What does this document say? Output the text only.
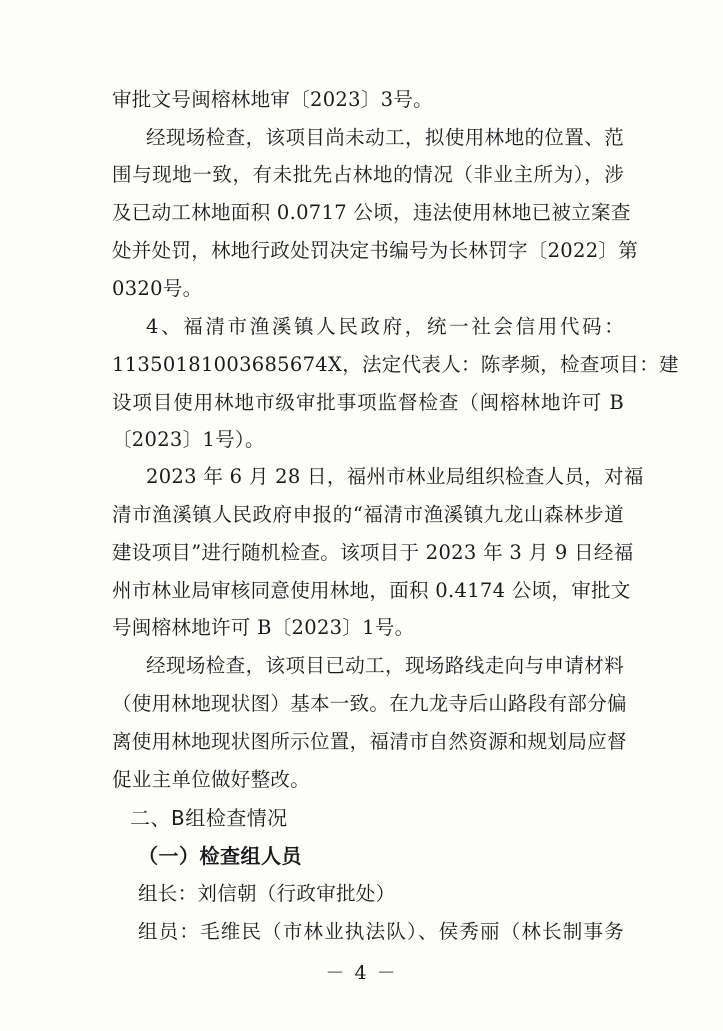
审批文号闽榕林地审〔2023〕3号。
经现场检查，该项目尚未动工，拟使用林地的位置、范
围与现地一致，有未批先占林地的情况（非业主所为），涉
及已动工林地面积 0.0717 公顷，违法使用林地已被立案查
处并处罚，林地行政处罚决定书编号为长林罚字〔2022〕第
0320号。
4、福清市渔溪镇人民政府，统一社会信用代码：
11350181003685674X，法定代表人：陈孝频，检查项目：建
设项目使用林地市级审批事项监督检查（闽榕林地许可 B
〔2023〕1号）。
2023 年 6 月 28 日，福州市林业局组织检查人员，对福
清市渔溪镇人民政府申报的“福清市渔溪镇九龙山森林步道
建设项目”进行随机检查。该项目于 2023 年 3 月 9 日经福
州市林业局审核同意使用林地，面积 0.4174 公顷，审批文
号闽榕林地许可 B〔2023〕1号。
经现场检查，该项目已动工，现场路线走向与申请材料
（使用林地现状图）基本一致。在九龙寺后山路段有部分偏
离使用林地现状图所示位置，福清市自然资源和规划局应督
促业主单位做好整改。
二、B组检查情况
（一）检查组人员
组长：刘信朝（行政审批处）
组员：毛维民（市林业执法队）、侯秀丽（林长制事务
－ 4 －
